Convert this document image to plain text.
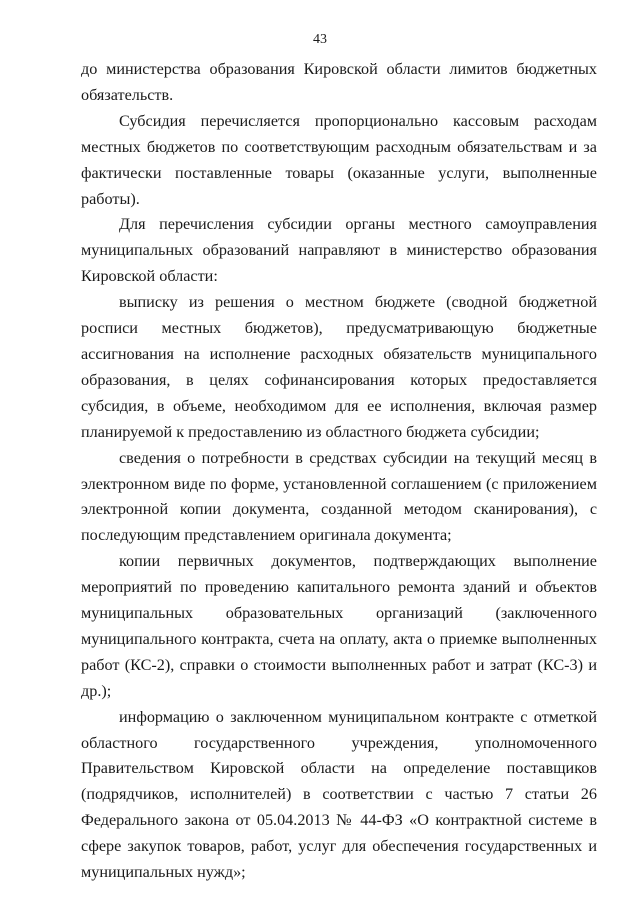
43

до министерства образования Кировской области лимитов бюджетных обязательств.

Субсидия перечисляется пропорционально кассовым расходам местных бюджетов по соответствующим расходным обязательствам и за фактически поставленные товары (оказанные услуги, выполненные работы).

Для перечисления субсидии органы местного самоуправления муниципальных образований направляют в министерство образования Кировской области:

выписку из решения о местном бюджете (сводной бюджетной росписи местных бюджетов), предусматривающую бюджетные ассигнования на исполнение расходных обязательств муниципального образования, в целях софинансирования которых предоставляется субсидия, в объеме, необходимом для ее исполнения, включая размер планируемой к предоставлению из областного бюджета субсидии;

сведения о потребности в средствах субсидии на текущий месяц в электронном виде по форме, установленной соглашением (с приложением электронной копии документа, созданной методом сканирования), с последующим представлением оригинала документа;

копии первичных документов, подтверждающих выполнение мероприятий по проведению капитального ремонта зданий и объектов муниципальных образовательных организаций (заключенного муниципального контракта, счета на оплату, акта о приемке выполненных работ (КС-2), справки о стоимости выполненных работ и затрат (КС-3) и др.);

информацию о заключенном муниципальном контракте с отметкой областного государственного учреждения, уполномоченного Правительством Кировской области на определение поставщиков (подрядчиков, исполнителей) в соответствии с частью 7 статьи 26 Федерального закона от 05.04.2013 № 44-ФЗ «О контрактной системе в сфере закупок товаров, работ, услуг для обеспечения государственных и муниципальных нужд»;
